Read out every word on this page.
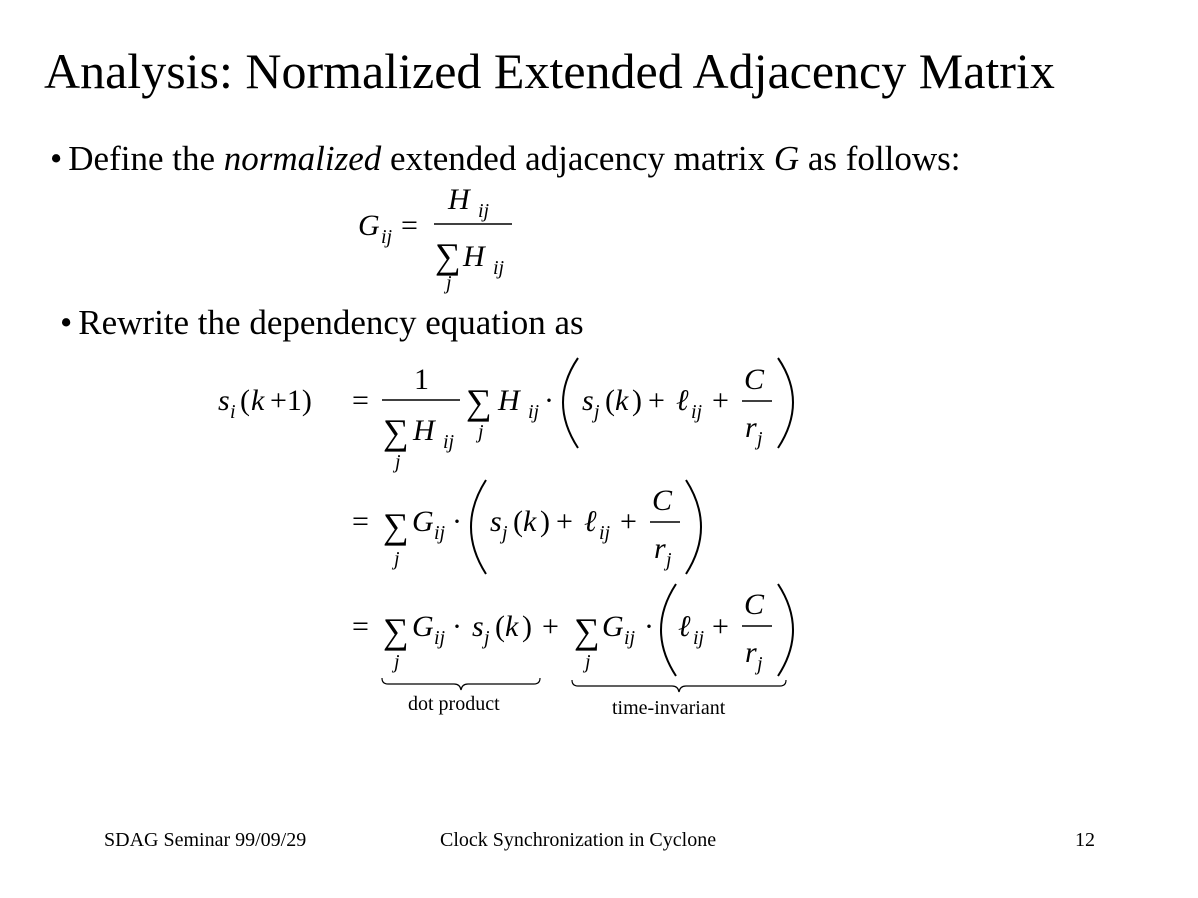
Analysis: Normalized Extended Adjacency Matrix
• Define the normalized extended adjacency matrix G as follows:
• Rewrite the dependency equation as
G ij =
H ij
∑ H ij
j
s i ( k +1) =
1
∑ H ij
j
∑ H ij ·
j
s j ( k ) + ℓ ij +
C
r j
= ∑ G ij ·
j
s j ( k ) + ℓ ij +
C
r j
= ∑ G ij · s j ( k )
j
+ ∑ G ij ·
j
ℓ ij +
C
r j
dot product	time-invariant
SDAG Seminar 99/09/29	Clock Synchronization in Cyclone	12
